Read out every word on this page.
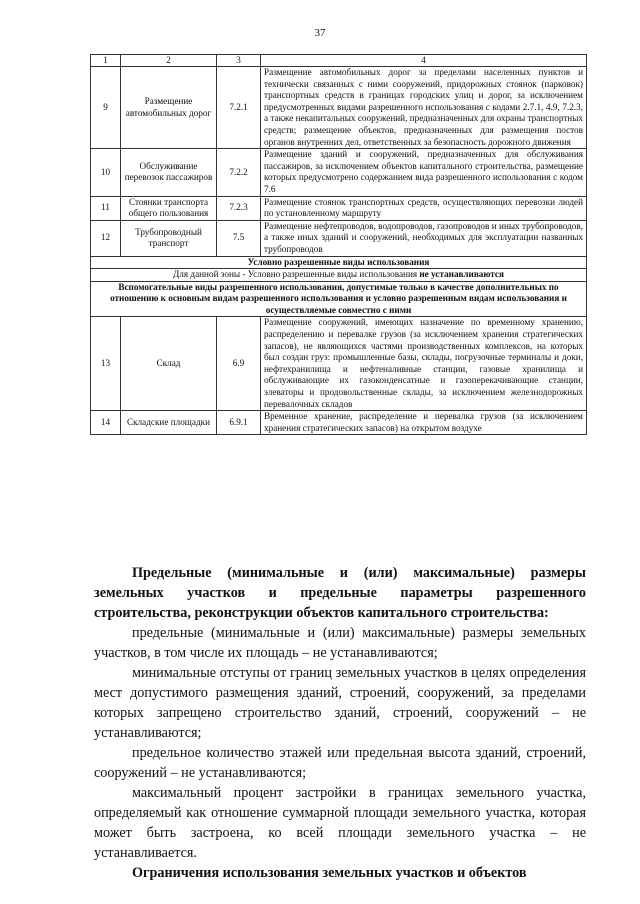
37
1	2	3	4
9	Размещение автомобильных дорог	7.2.1	Размещение автомобильных дорог за пределами населенных пунктов и технически связанных с ними сооружений, придорожных стоянок (парковок) транспортных средств в границах городских улиц и дорог, за исключением предусмотренных видами разрешенного использования с кодами 2.7.1, 4.9, 7.2.3, а также некапитальных сооружений, предназначенных для охраны транспортных средств; размещение объектов, предназначенных для размещения постов органов внутренних дел, ответственных за безопасность дорожного движения
10	Обслуживание перевозок пассажиров	7.2.2	Размещение зданий и сооружений, предназначенных для обслуживания пассажиров, за исключением объектов капитального строительства, размещение которых предусмотрено содержанием вида разрешенного использования с кодом 7.6
11	Стоянки транспорта общего пользования	7.2.3	Размещение стоянок транспортных средств, осуществляющих перевозки людей по установленному маршруту
12	Трубопроводный транспорт	7.5	Размещение нефтепроводов, водопроводов, газопроводов и иных трубопроводов, а также иных зданий и сооружений, необходимых для эксплуатации названных трубопроводов
Условно разрешенные виды использования			
Для данной зоны - Условно разрешенные виды использования не устанавливаются			
Вспомогательные виды разрешенного использования, допустимые только в качестве дополнительных по отношению к основным видам разрешенного использования и условно разрешенным видам использования и осуществляемые совместно с ними			
13	Склад	6.9	Размещение сооружений, имеющих назначение по временному хранению, распределению и перевалке грузов (за исключением хранения стратегических запасов), не являющихся частями производственных комплексов, на которых был создан груз: промышленные базы, склады, погрузочные терминалы и доки, нефтехранилища и нефтеналивные станции, газовые хранилища и обслуживающие их газоконденсатные и газоперекачивающие станции, элеваторы и продовольственные склады, за исключением железнодорожных перевалочных складов
14	Складские площадки	6.9.1	Временное хранение, распределение и перевалка грузов (за исключением хранения стратегических запасов) на открытом воздухе

Предельные (минимальные и (или) максимальные) размеры земельных участков и предельные параметры разрешенного строительства, реконструкции объектов капитального строительства:

предельные (минимальные и (или) максимальные) размеры земельных участков, в том числе их площадь – не устанавливаются;

минимальные отступы от границ земельных участков в целях определения мест допустимого размещения зданий, строений, сооружений, за пределами которых запрещено строительство зданий, строений, сооружений – не устанавливаются;

предельное количество этажей или предельная высота зданий, строений, сооружений – не устанавливаются;

максимальный процент застройки в границах земельного участка, определяемый как отношение суммарной площади земельного участка, которая может быть застроена, ко всей площади земельного участка – не устанавливается.

Ограничения использования земельных участков и объектов
